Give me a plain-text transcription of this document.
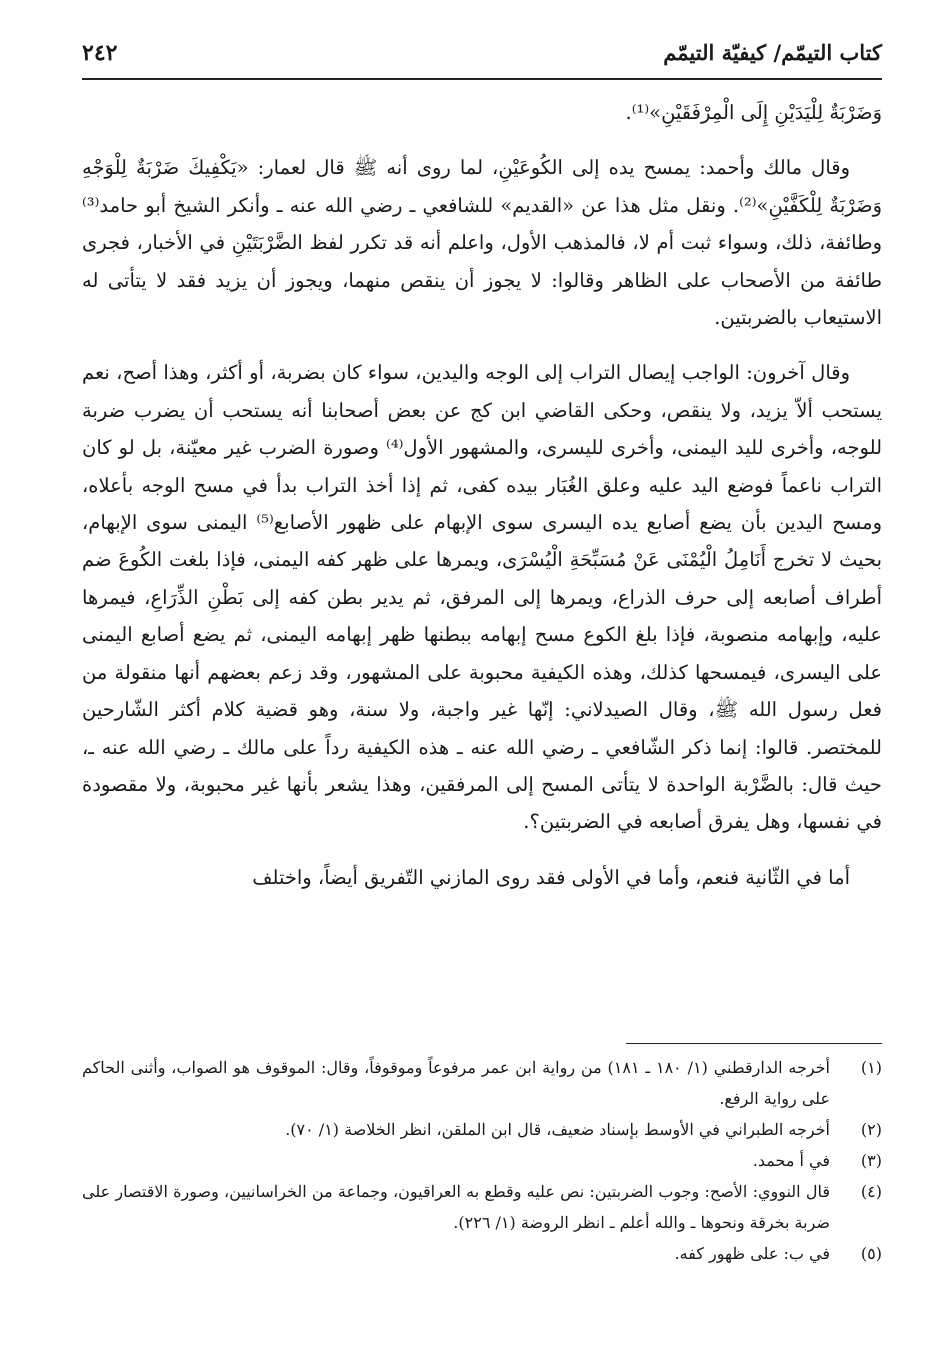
كتاب التيمّم/ كيفيّة التيمّم
٢٤٢

وَضَرْبَةٌ لِلْيَدَيْنِ إِلَى الْمِرْفَقَيْنِ»⁽¹⁾.

وقال مالك وأحمد: يمسح يده إلى الكُوعَيْنِ، لما روى أنه ﷺ قال لعمار: «يَكْفِيكَ ضَرْبَةٌ لِلْوَجْهِ وَضَرْبَةٌ لِلْكَفَّيْنِ»⁽²⁾. ونقل مثل هذا عن «القديم» للشافعي ـ رضي الله عنه ـ وأنكر الشيخ أبو حامد⁽³⁾ وطائفة، ذلك، وسواء ثبت أم لا، فالمذهب الأول، واعلم أنه قد تكرر لفظ الضَّرْبَتَيْنِ في الأخبار، فجرى طائفة من الأصحاب على الظاهر وقالوا: لا يجوز أن ينقص منهما، ويجوز أن يزيد فقد لا يتأتى له الاستيعاب بالضربتين.

وقال آخرون: الواجب إيصال التراب إلى الوجه واليدين، سواء كان بضربة، أو أكثر، وهذا أصح، نعم يستحب ألاّ يزيد، ولا ينقص، وحكى القاضي ابن كج عن بعض أصحابنا أنه يستحب أن يضرب ضربة للوجه، وأخرى لليد اليمنى، وأخرى لليسرى، والمشهور الأول⁽⁴⁾ وصورة الضرب غير معيّنة، بل لو كان التراب ناعماً فوضع اليد عليه وعلق الغُبَار بيده كفى، ثم إذا أخذ التراب بدأ في مسح الوجه بأعلاه، ومسح اليدين بأن يضع أصابع يده اليسرى سوى الإبهام على ظهور الأصابع⁽⁵⁾ اليمنى سوى الإبهام، بحيث لا تخرج أَنَامِلُ الْيُمْنَى عَنْ مُسَبِّحَةِ الْيُسْرَى، ويمرها على ظهر كفه اليمنى، فإذا بلغت الكُوعَ ضم أطراف أصابعه إلى حرف الذراع، ويمرها إلى المرفق، ثم يدير بطن كفه إلى بَطْنِ الذِّرَاعِ، فيمرها عليه، وإبهامه منصوبة، فإذا بلغ الكوع مسح إبهامه ببطنها ظهر إبهامه اليمنى، ثم يضع أصابع اليمنى على اليسرى، فيمسحها كذلك، وهذه الكيفية محبوبة على المشهور، وقد زعم بعضهم أنها منقولة من فعل رسول الله ﷺ، وقال الصيدلاني: إنّها غير واجبة، ولا سنة، وهو قضية كلام أكثر الشّارحين للمختصر. قالوا: إنما ذكر الشّافعي ـ رضي الله عنه ـ هذه الكيفية رداً على مالك ـ رضي الله عنه ـ، حيث قال: بالضَّرْبة الواحدة لا يتأتى المسح إلى المرفقين، وهذا يشعر بأنها غير محبوبة، ولا مقصودة في نفسها، وهل يفرق أصابعه في الضربتين؟.

أما في الثّانية فنعم، وأما في الأولى فقد روى المازني التّفريق أيضاً، واختلف

(١)
أخرجه الدارقطني (١/ ١٨٠ ـ ١٨١) من رواية ابن عمر مرفوعاً وموقوفاً، وقال: الموقوف هو الصواب، وأثنى الحاكم على رواية الرفع.
(٢)
أخرجه الطبراني في الأوسط بإسناد ضعيف، قال ابن الملقن، انظر الخلاصة (١/ ٧٠).
(٣)
في أ محمد.
(٤)
قال النووي: الأصح: وجوب الضربتين: نص عليه وقطع به العراقيون، وجماعة من الخراسانيين، وصورة الاقتصار على ضربة بخرقة ونحوها ـ والله أعلم ـ انظر الروضة (١/ ٢٢٦).
(٥)
في ب: على ظهور كفه.
